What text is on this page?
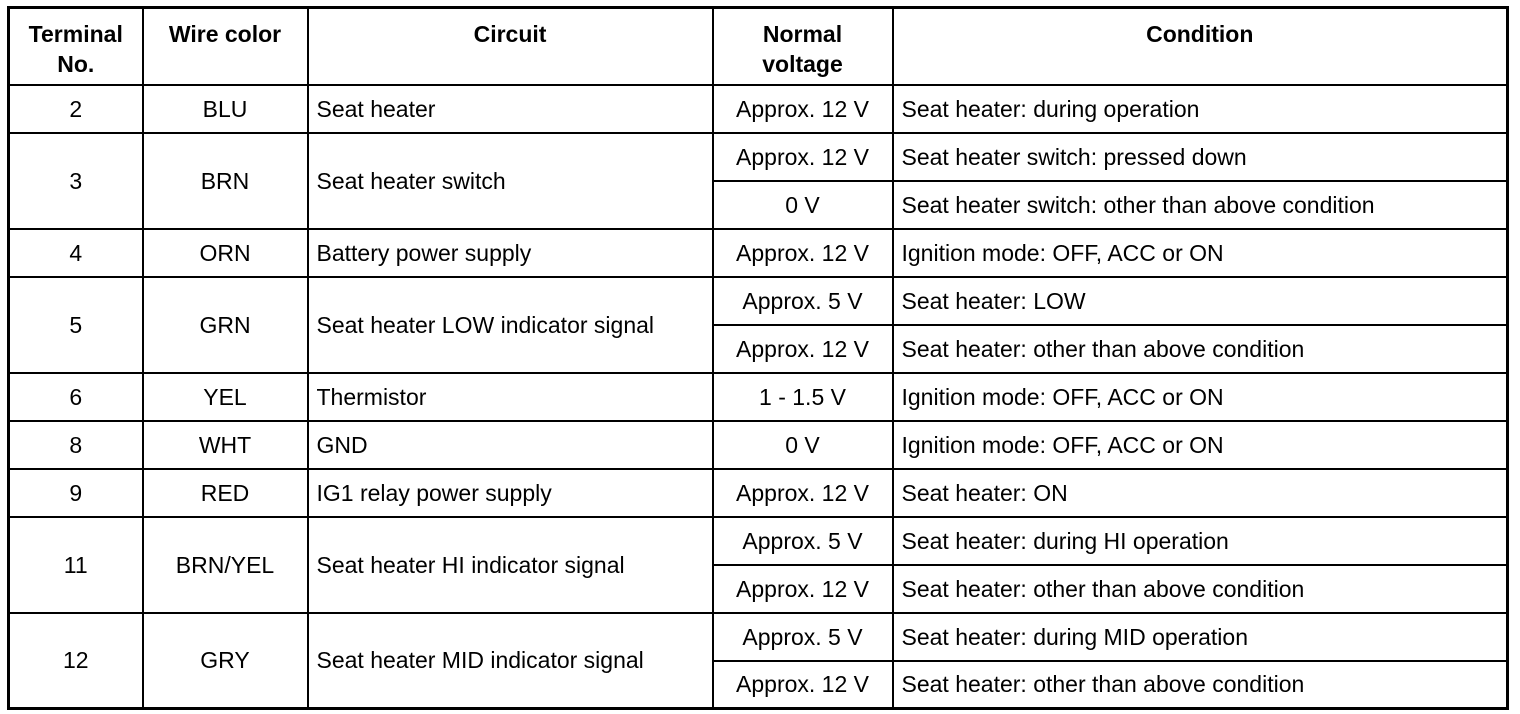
Terminal No.	Wire color	Circuit	Normal voltage	Condition
2	BLU	Seat heater	Approx. 12 V	Seat heater: during operation
3	BRN	Seat heater switch	Approx. 12 V	Seat heater switch: pressed down
			0 V	Seat heater switch: other than above condition
4	ORN	Battery power supply	Approx. 12 V	Ignition mode: OFF, ACC or ON
5	GRN	Seat heater LOW indicator signal	Approx. 5 V	Seat heater: LOW
			Approx. 12 V	Seat heater: other than above condition
6	YEL	Thermistor	1 - 1.5 V	Ignition mode: OFF, ACC or ON
8	WHT	GND	0 V	Ignition mode: OFF, ACC or ON
9	RED	IG1 relay power supply	Approx. 12 V	Seat heater: ON
11	BRN/YEL	Seat heater HI indicator signal	Approx. 5 V	Seat heater: during HI operation
			Approx. 12 V	Seat heater: other than above condition
12	GRY	Seat heater MID indicator signal	Approx. 5 V	Seat heater: during MID operation
			Approx. 12 V	Seat heater: other than above condition
